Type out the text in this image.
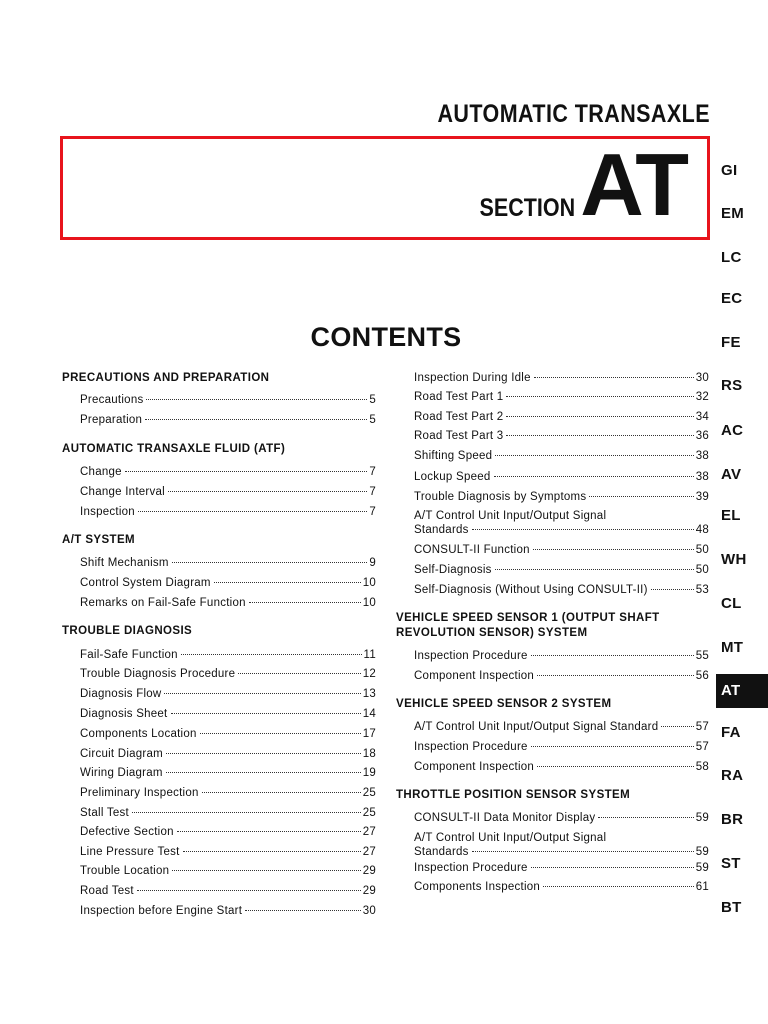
AUTOMATIC TRANSAXLE
SECTION AT
CONTENTS
PRECAUTIONS AND PREPARATION
Precautions	5
Preparation	5
AUTOMATIC TRANSAXLE FLUID (ATF)
Change	7
Change Interval	7
Inspection	7
A/T SYSTEM
Shift Mechanism	9
Control System Diagram	10
Remarks on Fail-Safe Function	10
TROUBLE DIAGNOSIS
Fail-Safe Function	11
Trouble Diagnosis Procedure	12
Diagnosis Flow	13
Diagnosis Sheet	14
Components Location	17
Circuit Diagram	18
Wiring Diagram	19
Preliminary Inspection	25
Stall Test	25
Defective Section	27
Line Pressure Test	27
Trouble Location	29
Road Test	29
Inspection before Engine Start	30
Inspection During Idle	30
Road Test Part 1	32
Road Test Part 2	34
Road Test Part 3	36
Shifting Speed	38
Lockup Speed	38
Trouble Diagnosis by Symptoms	39
A/T Control Unit Input/Output Signal
Standards	48
CONSULT-II Function	50
Self-Diagnosis	50
Self-Diagnosis (Without Using CONSULT-II)	53
VEHICLE SPEED SENSOR 1 (OUTPUT SHAFT
REVOLUTION SENSOR) SYSTEM
Inspection Procedure	55
Component Inspection	56
VEHICLE SPEED SENSOR 2 SYSTEM
A/T Control Unit Input/Output Signal Standard	57
Inspection Procedure	57
Component Inspection	58
THROTTLE POSITION SENSOR SYSTEM
CONSULT-II Data Monitor Display	59
A/T Control Unit Input/Output Signal
Standards	59
Inspection Procedure	59
Components Inspection	61
GI
EM
LC
EC
FE
RS
AC
AV
EL
WH
CL
MT
AT
FA
RA
BR
ST
BT
